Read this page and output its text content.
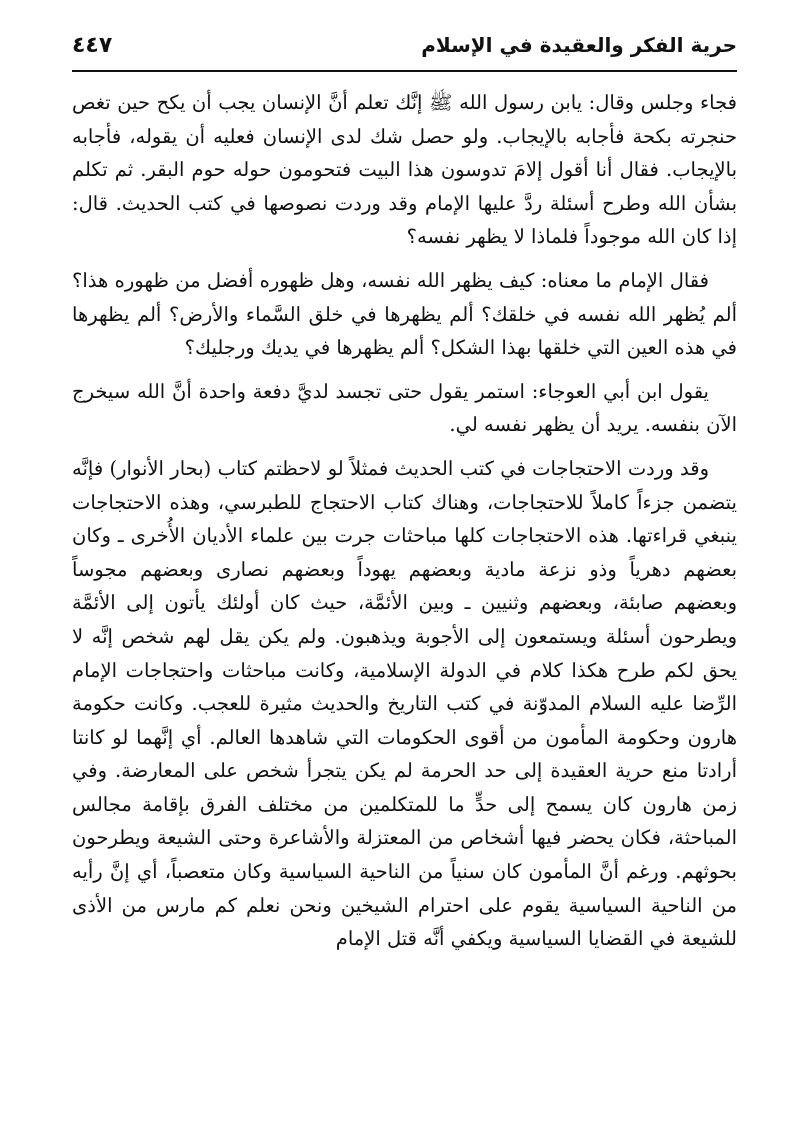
حرية الفكر والعقيدة في الإسلام
٤٤٧

فجاء وجلس وقال: يابن رسول الله ﷺ إنَّك تعلم أنَّ الإنسان يجب أن يكح حين تغص حنجرته بكحة فأجابه بالإيجاب. ولو حصل شك لدى الإنسان فعليه أن يقوله، فأجابه بالإيجاب. فقال أنا أقول إلامَ تدوسون هذا البيت فتحومون حوله حوم البقر. ثم تكلم بشأن الله وطرح أسئلة ردَّ عليها الإمام وقد وردت نصوصها في كتب الحديث. قال: إذا كان الله موجوداً فلماذا لا يظهر نفسه؟

فقال الإمام ما معناه: كيف يظهر الله نفسه، وهل ظهوره أفضل من ظهوره هذا؟ ألم يُظهر الله نفسه في خلقك؟ ألم يظهرها في خلق السَّماء والأرض؟ ألم يظهرها في هذه العين التي خلقها بهذا الشكل؟ ألم يظهرها في يديك ورجليك؟

يقول ابن أبي العوجاء: استمر يقول حتى تجسد لديَّ دفعة واحدة أنَّ الله سيخرج الآن بنفسه. يريد أن يظهر نفسه لي.

وقد وردت الاحتجاجات في كتب الحديث فمثلاً لو لاحظتم كتاب (بحار الأنوار) فإنَّه يتضمن جزءاً كاملاً للاحتجاجات، وهناك كتاب الاحتجاج للطبرسي، وهذه الاحتجاجات ينبغي قراءتها. هذه الاحتجاجات كلها مباحثات جرت بين علماء الأديان الأُخرى ـ وكان بعضهم دهرياً وذو نزعة مادية وبعضهم يهوداً وبعضهم نصارى وبعضهم مجوساً وبعضهم صابئة، وبعضهم وثنيين ـ وبين الأئمَّة، حيث كان أولئك يأتون إلى الأئمَّة ويطرحون أسئلة ويستمعون إلى الأجوبة ويذهبون. ولم يكن يقل لهم شخص إنَّه لا يحق لكم طرح هكذا كلام في الدولة الإسلامية، وكانت مباحثات واحتجاجات الإمام الرِّضا عليه السلام المدوّنة في كتب التاريخ والحديث مثيرة للعجب. وكانت حكومة هارون وحكومة المأمون من أقوى الحكومات التي شاهدها العالم. أي إنَّهما لو كانتا أرادتا منع حرية العقيدة إلى حد الحرمة لم يكن يتجرأ شخص على المعارضة. وفي زمن هارون كان يسمح إلى حدٍّ ما للمتكلمين من مختلف الفرق بإقامة مجالس المباحثة، فكان يحضر فيها أشخاص من المعتزلة والأشاعرة وحتى الشيعة ويطرحون بحوثهم. ورغم أنَّ المأمون كان سنياً من الناحية السياسية وكان متعصباً، أي إنَّ رأيه من الناحية السياسية يقوم على احترام الشيخين ونحن نعلم كم مارس من الأذى للشيعة في القضايا السياسية ويكفي أنَّه قتل الإمام
